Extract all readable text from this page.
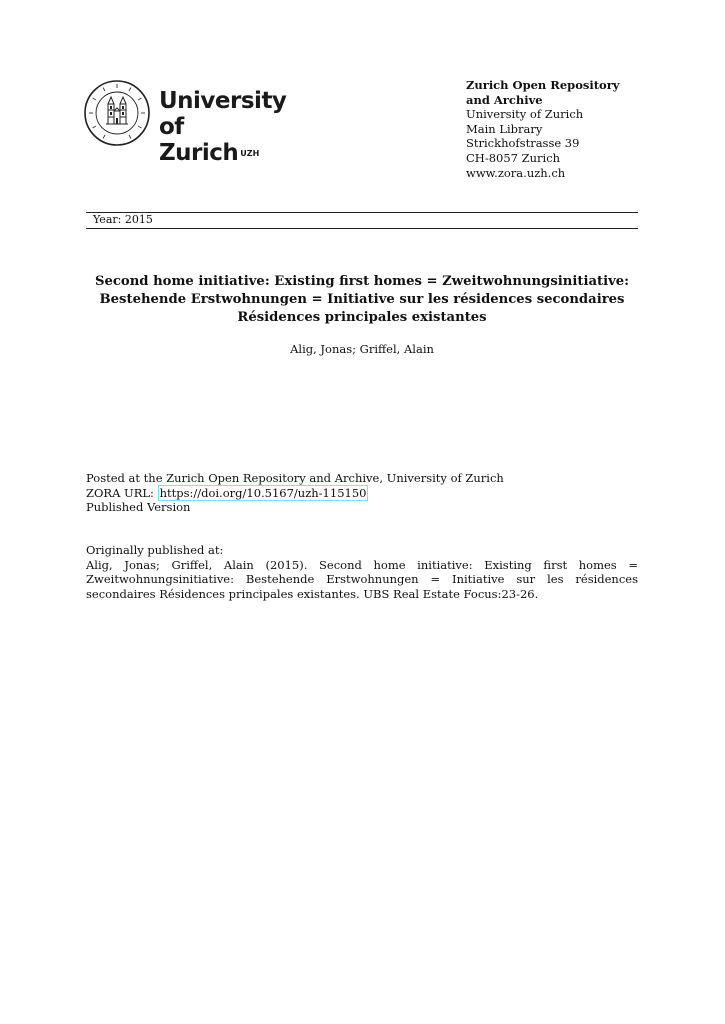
University of
Zurich $^{UZH}$
Zurich Open Repository and Archive
University of Zurich
Main Library
Strickhofstrasse 39
CH-8057 Zurich
www.zora.uzh.ch
Year: 2015
Second home initiative: Existing first homes = Zweitwohnungsinitiative:
Bestehende Erstwohnungen = Initiative sur les résidences secondaires
Résidences principales existantes
Alig, Jonas; Griffel, Alain
Posted at the Zurich Open Repository and Archive, University of Zurich
ZORA URL: https://doi.org/10.5167/uzh-115150
Published Version
Originally published at:
Alig, Jonas; Griffel, Alain (2015). Second home initiative: Existing first homes = Zweitwohnungsinitiative: Bestehende Erstwohnungen = Initiative sur les résidences secondaires Résidences principales existantes. UBS Real Estate Focus:23-26.
